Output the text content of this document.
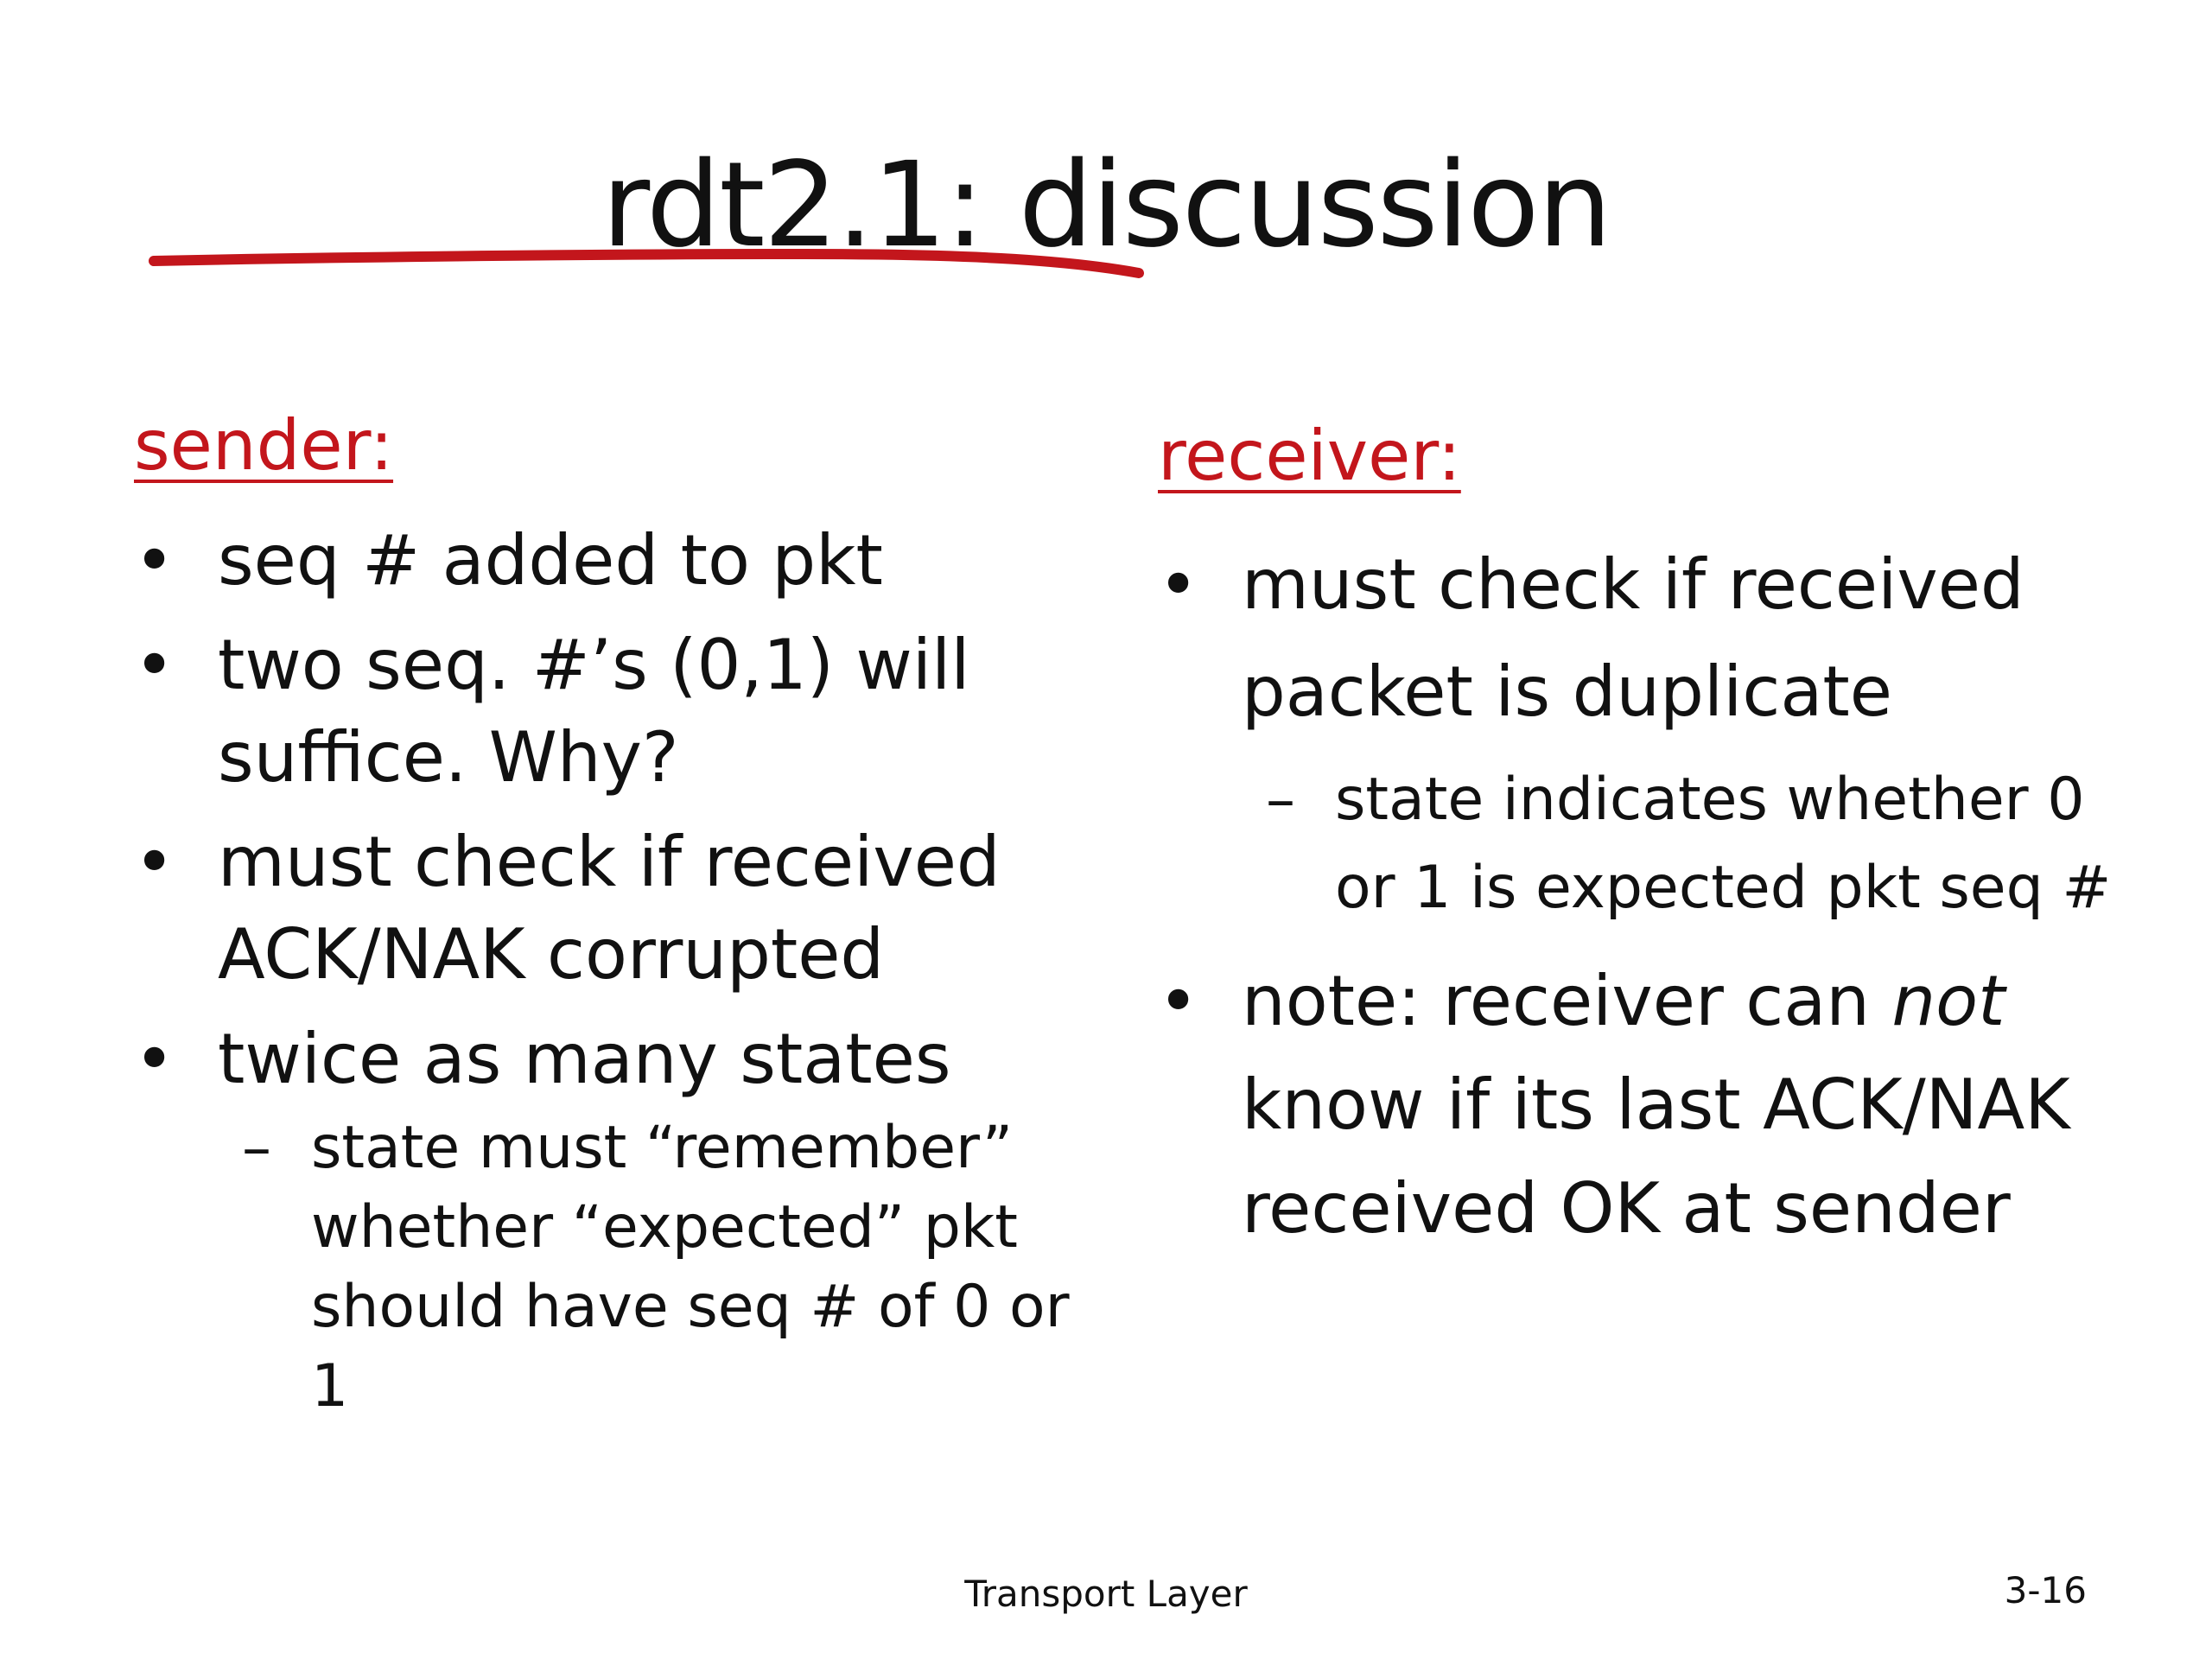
rdt2.1: discussion
sender:
• seq # added to pkt
• two seq. #’s (0,1) will suffice. Why?
• must check if received ACK/NAK corrupted
• twice as many states
– state must “remember” whether “expected” pkt should have seq # of 0 or 1
receiver:
• must check if received packet is duplicate
– state indicates whether 0 or 1 is expected pkt seq #
• note: receiver can not know if its last ACK/NAK received OK at sender
Transport Layer	3-16
